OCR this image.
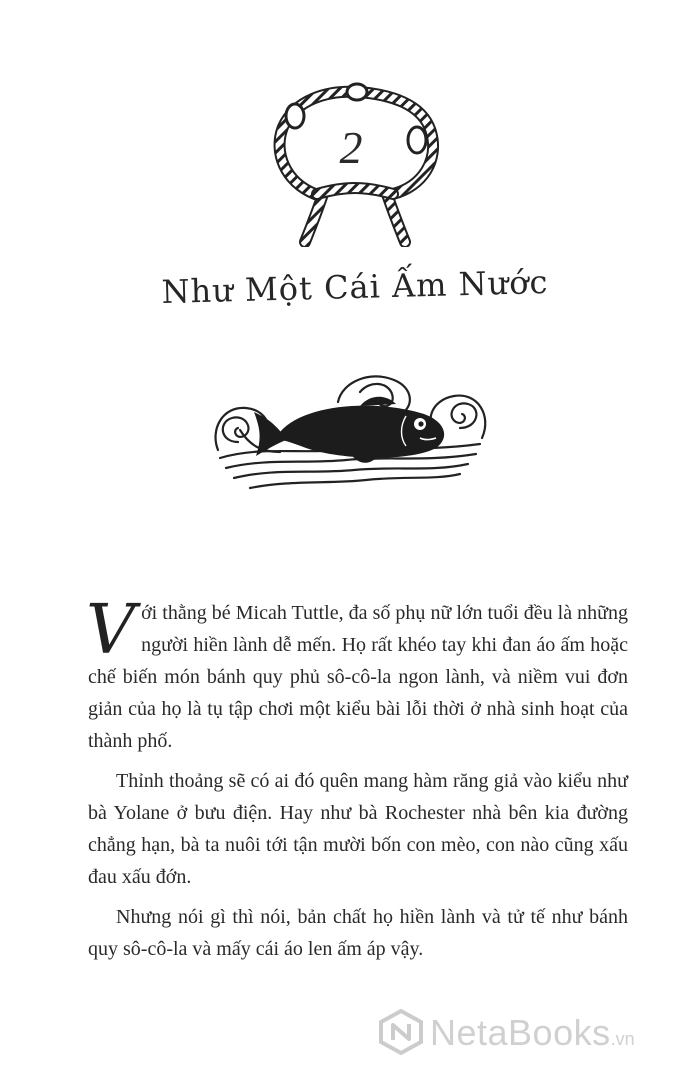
2
Như Một Cái Ấm Nước

Với thằng bé Micah Tuttle, đa số phụ nữ lớn tuổi đều là những người hiền lành dễ mến. Họ rất khéo tay khi đan áo ấm hoặc chế biến món bánh quy phủ sô-cô-la ngon lành, và niềm vui đơn giản của họ là tụ tập chơi một kiểu bài lỗi thời ở nhà sinh hoạt của thành phố.

Thỉnh thoảng sẽ có ai đó quên mang hàm răng giả vào kiểu như bà Yolane ở bưu điện. Hay như bà Rochester nhà bên kia đường chẳng hạn, bà ta nuôi tới tận mười bốn con mèo, con nào cũng xấu đau xấu đớn.

Nhưng nói gì thì nói, bản chất họ hiền lành và tử tế như bánh quy sô-cô-la và mấy cái áo len ấm áp vậy.

NetaBooks.vn
